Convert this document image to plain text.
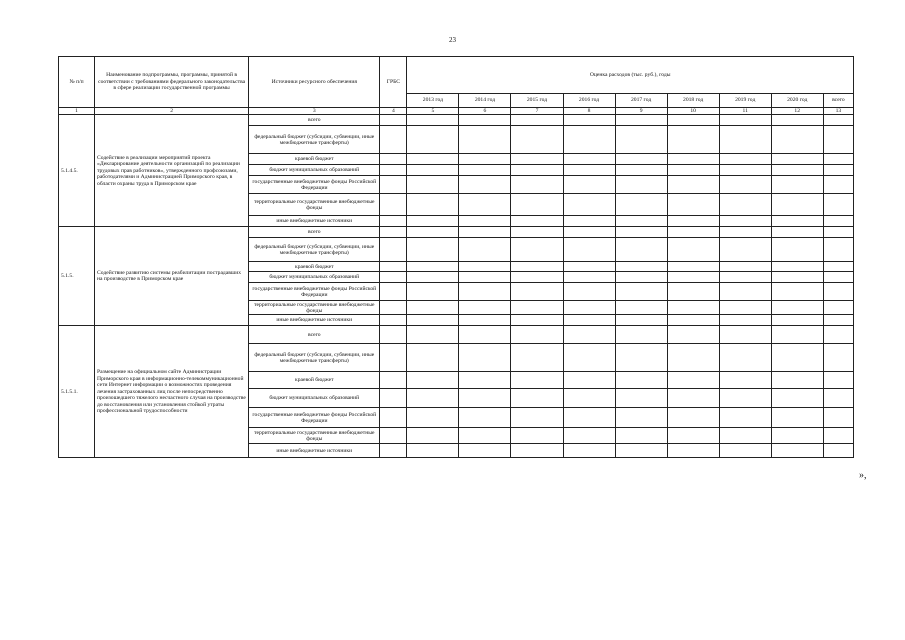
23
№ п/п	Наименование подпрограммы, программы, принятой в соответствии с требованиями федерального законодательства в сфере реализации государственной программы	Источники ресурсного обеспечения	ГРБС	Оценка расходов (тыс. руб.), годы								
				2013 год	2014 год	2015 год	2016 год	2017 год	2018 год	2019 год	2020 год	всего
1	2	3	4	5	6	7	8	9	10	11	12	13
5.1.4.5.	Содействие в реализации мероприятий проекта «Декларирование деятельности организаций по реализации трудовых прав работников», утвержденного профсоюзами, работодателями и Администрацией Приморского края, в области охраны труда в Приморском крае	всего										
		федеральный бюджет (субсидии, субвенции, иные межбюджетные трансферты)										
		краевой бюджет										
		бюджет муниципальных образований										
		государственные внебюджетные фонды Российской Федерации										
		территориальные государственные внебюджетные фонды										
		иные внебюджетные источники										
5.1.5.	Содействие развитию системы реабилитации пострадавших на производстве в Приморском крае	всего										
		федеральный бюджет (субсидии, субвенции, иные межбюджетные трансферты)										
		краевой бюджет										
		бюджет муниципальных образований										
		государственные внебюджетные фонды Российской Федерации										
		территориальные государственные внебюджетные фонды										
		иные внебюджетные источники										
5.1.5.1.	Размещение на официальном сайте Администрации Приморского края в информационно-телекоммуникационной сети Интернет информации о возможностях проведения лечения застрахованных лиц после непосредственно произошедшего тяжелого несчастного случая на производстве до восстановления или установления стойкой утраты профессиональной трудоспособности	всего										
		федеральный бюджет (субсидии, субвенции, иные межбюджетные трансферты)										
		краевой бюджет										
		бюджет муниципальных образований										
		государственные внебюджетные фонды Российской Федерации										
		территориальные государственные внебюджетные фонды										
		иные внебюджетные источники										
»,
